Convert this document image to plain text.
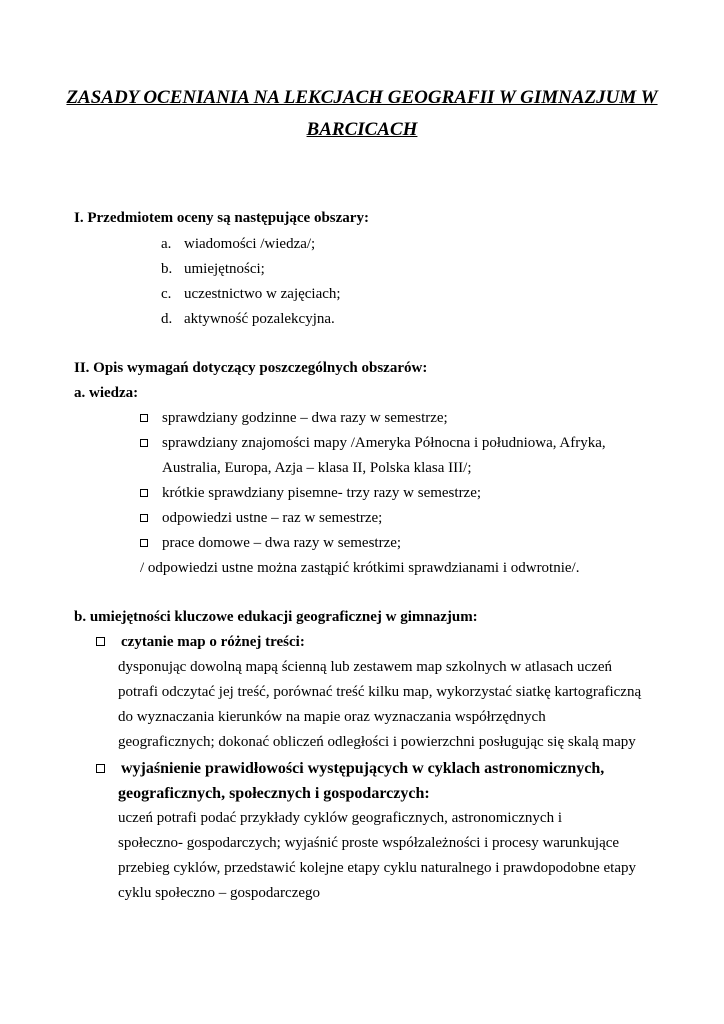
ZASADY OCENIANIA NA LEKCJACH GEOGRAFII W GIMNAZJUM W
BARCICACH
I. Przedmiotem oceny są następujące obszary:
a. wiadomości /wiedza/;
b. umiejętności;
c. uczestnictwo w zajęciach;
d. aktywność pozalekcyjna.
II. Opis wymagań dotyczący poszczególnych obszarów:
a. wiedza:
sprawdziany godzinne – dwa razy w semestrze;
sprawdziany znajomości mapy /Ameryka Północna i południowa, Afryka,
Australia, Europa, Azja – klasa II, Polska klasa III/;
krótkie sprawdziany pisemne- trzy razy w semestrze;
odpowiedzi ustne – raz w semestrze;
prace domowe – dwa razy w semestrze;
/ odpowiedzi ustne można zastąpić krótkimi sprawdzianami i odwrotnie/.
b. umiejętności kluczowe edukacji geograficznej w gimnazjum:
czytanie map o różnej treści:
dysponując dowolną mapą ścienną lub zestawem map szkolnych w atlasach uczeń
potrafi odczytać jej treść, porównać treść kilku map, wykorzystać siatkę kartograficzną
do wyznaczania kierunków na mapie oraz wyznaczania współrzędnych
geograficznych; dokonać obliczeń odległości i powierzchni posługując się skalą mapy
wyjaśnienie prawidłowości występujących w cyklach astronomicznych,
geograficznych, społecznych i gospodarczych:
uczeń potrafi podać przykłady cyklów geograficznych, astronomicznych i
społeczno- gospodarczych; wyjaśnić proste współzależności i procesy warunkujące
przebieg cyklów, przedstawić kolejne etapy cyklu naturalnego i prawdopodobne etapy
cyklu społeczno – gospodarczego
